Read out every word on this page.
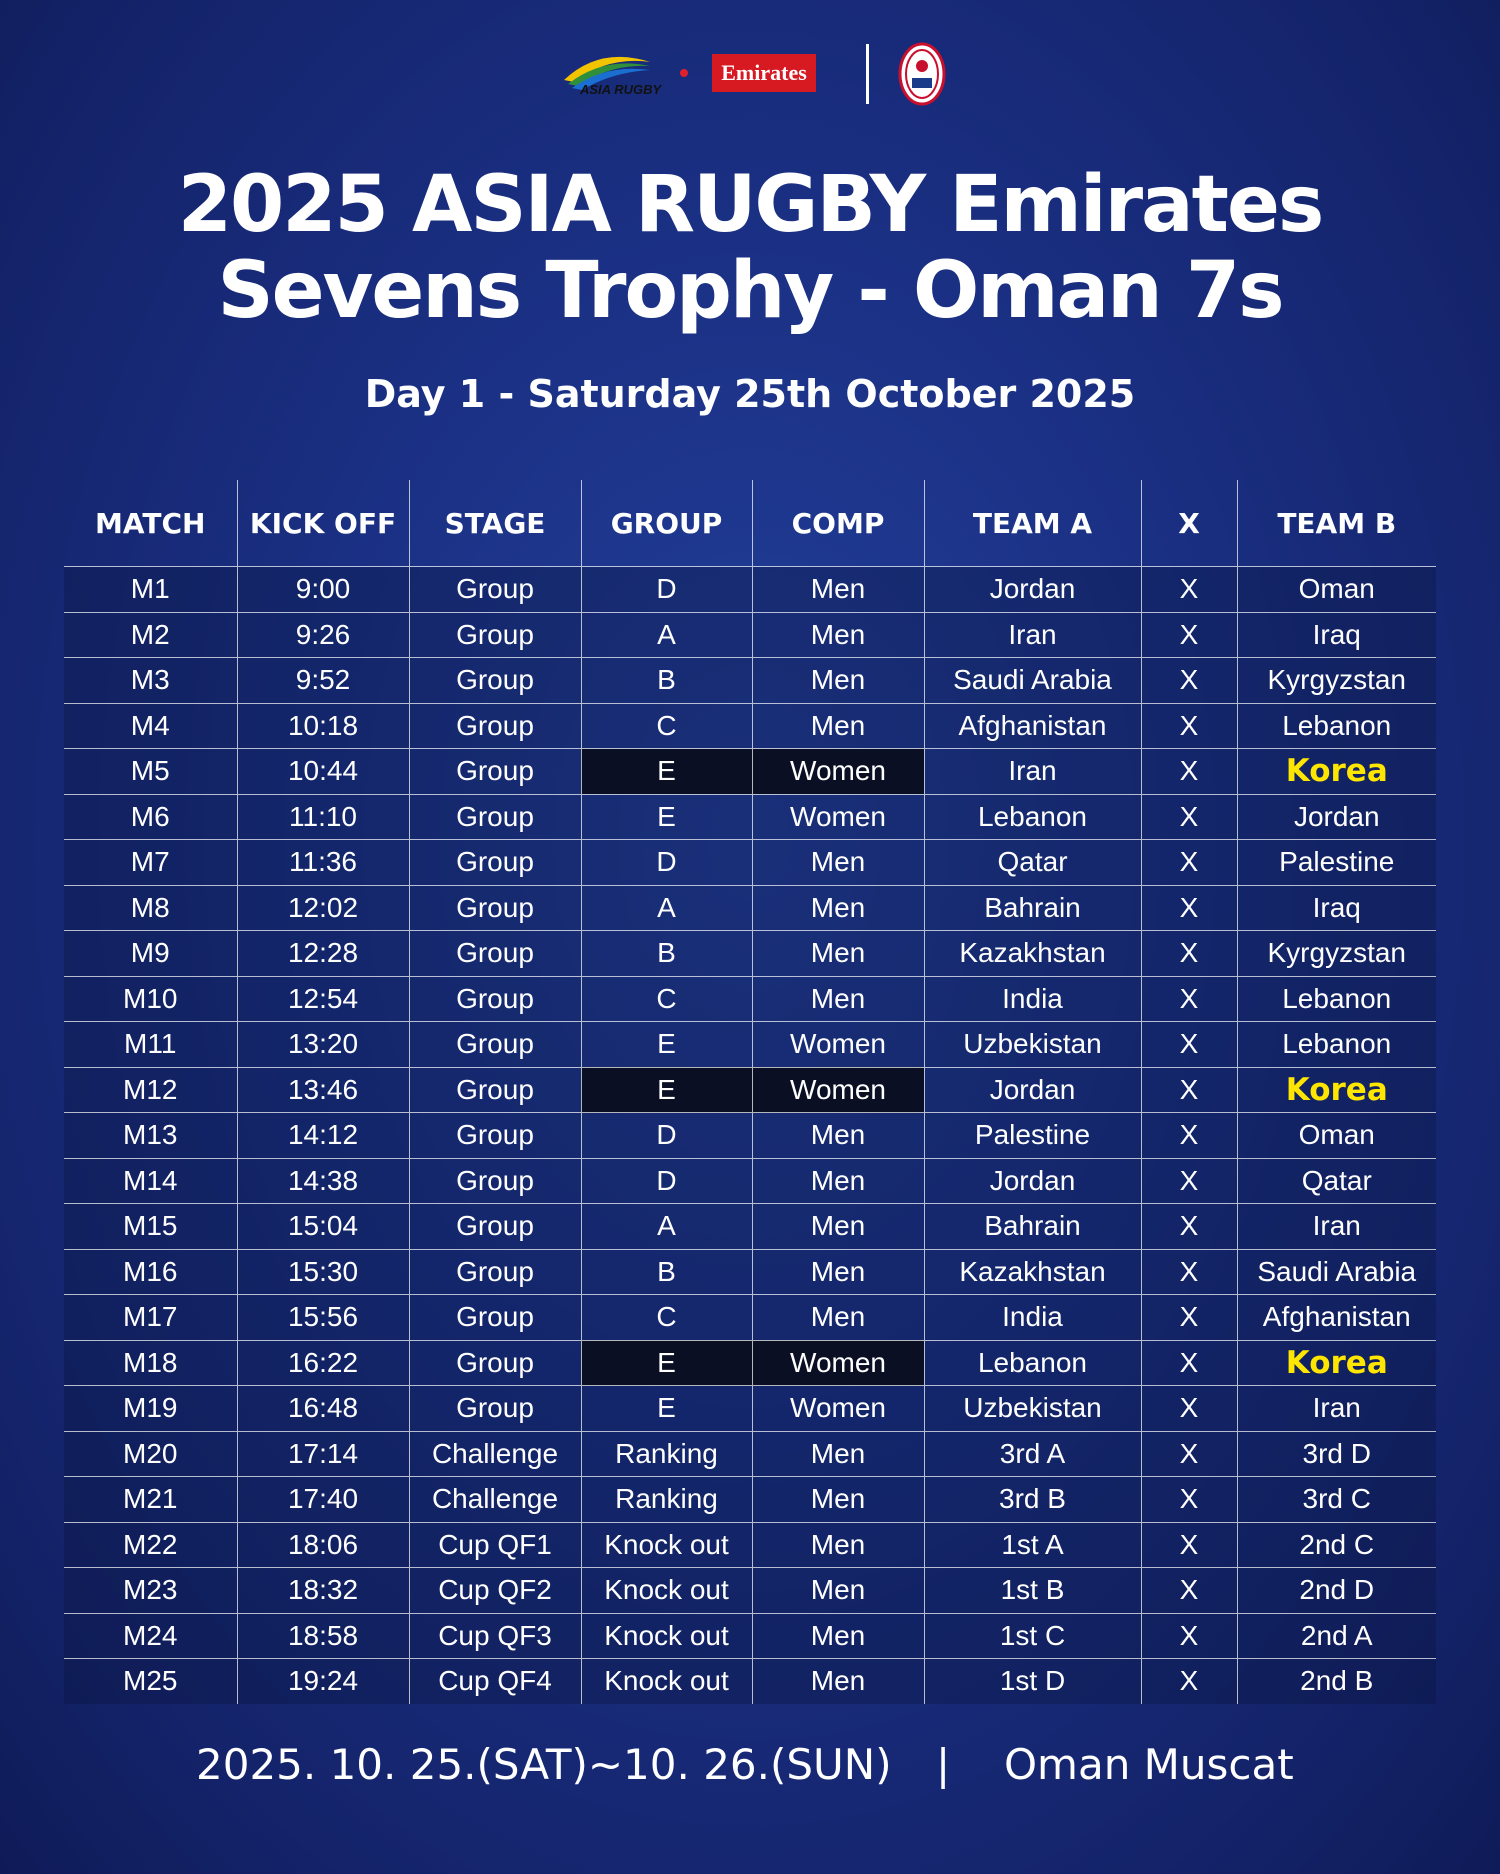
ASIA RUGBY
Emirates
2025 ASIA RUGBY Emirates
Sevens Trophy - Oman 7s
Day 1 - Saturday 25th October 2025
MATCH	KICK OFF	STAGE	GROUP	COMP	TEAM A	X	TEAM B
M1	9:00	Group	D	Men	Jordan	X	Oman
M2	9:26	Group	A	Men	Iran	X	Iraq
M3	9:52	Group	B	Men	Saudi Arabia	X	Kyrgyzstan
M4	10:18	Group	C	Men	Afghanistan	X	Lebanon
M5	10:44	Group	E	Women	Iran	X	Korea
M6	11:10	Group	E	Women	Lebanon	X	Jordan
M7	11:36	Group	D	Men	Qatar	X	Palestine
M8	12:02	Group	A	Men	Bahrain	X	Iraq
M9	12:28	Group	B	Men	Kazakhstan	X	Kyrgyzstan
M10	12:54	Group	C	Men	India	X	Lebanon
M11	13:20	Group	E	Women	Uzbekistan	X	Lebanon
M12	13:46	Group	E	Women	Jordan	X	Korea
M13	14:12	Group	D	Men	Palestine	X	Oman
M14	14:38	Group	D	Men	Jordan	X	Qatar
M15	15:04	Group	A	Men	Bahrain	X	Iran
M16	15:30	Group	B	Men	Kazakhstan	X	Saudi Arabia
M17	15:56	Group	C	Men	India	X	Afghanistan
M18	16:22	Group	E	Women	Lebanon	X	Korea
M19	16:48	Group	E	Women	Uzbekistan	X	Iran
M20	17:14	Challenge	Ranking	Men	3rd A	X	3rd D
M21	17:40	Challenge	Ranking	Men	3rd B	X	3rd C
M22	18:06	Cup QF1	Knock out	Men	1st A	X	2nd C
M23	18:32	Cup QF2	Knock out	Men	1st B	X	2nd D
M24	18:58	Cup QF3	Knock out	Men	1st C	X	2nd A
M25	19:24	Cup QF4	Knock out	Men	1st D	X	2nd B
2025. 10. 25.(SAT)~10. 26.(SUN) | Oman Muscat
